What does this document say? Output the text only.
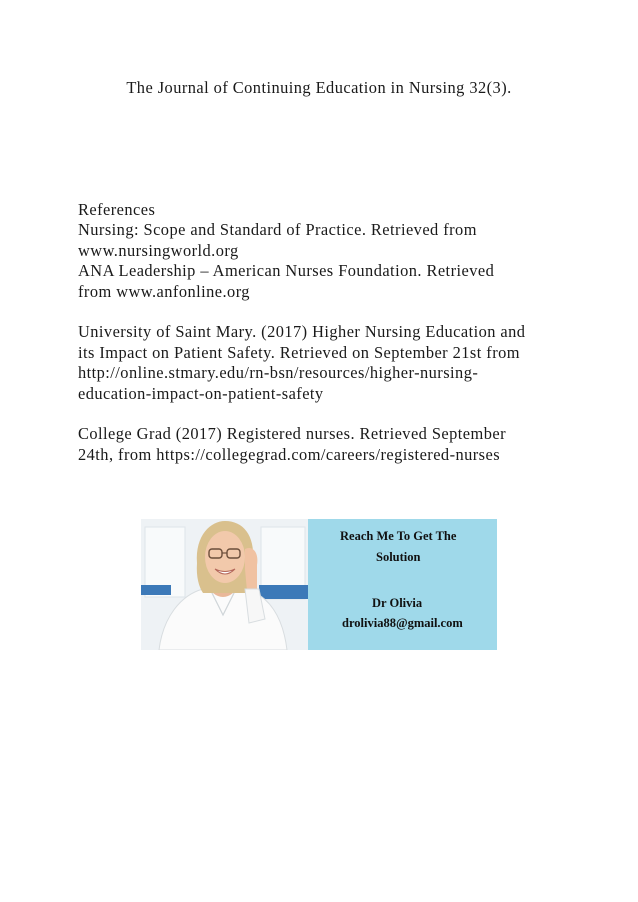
The Journal of Continuing Education in Nursing 32(3).
References
Nursing: Scope and Standard of Practice. Retrieved from
www.nursingworld.org
ANA Leadership – American Nurses Foundation. Retrieved
from www.anfonline.org
University of Saint Mary. (2017) Higher Nursing Education and
its Impact on Patient Safety. Retrieved on September 21st from
http://online.stmary.edu/rn-bsn/resources/higher-nursing-
education-impact-on-patient-safety
College Grad (2017) Registered nurses. Retrieved September
24th, from https://collegegrad.com/careers/registered-nurses
Reach Me To Get The
Solution
Dr Olivia
drolivia88@gmail.com
